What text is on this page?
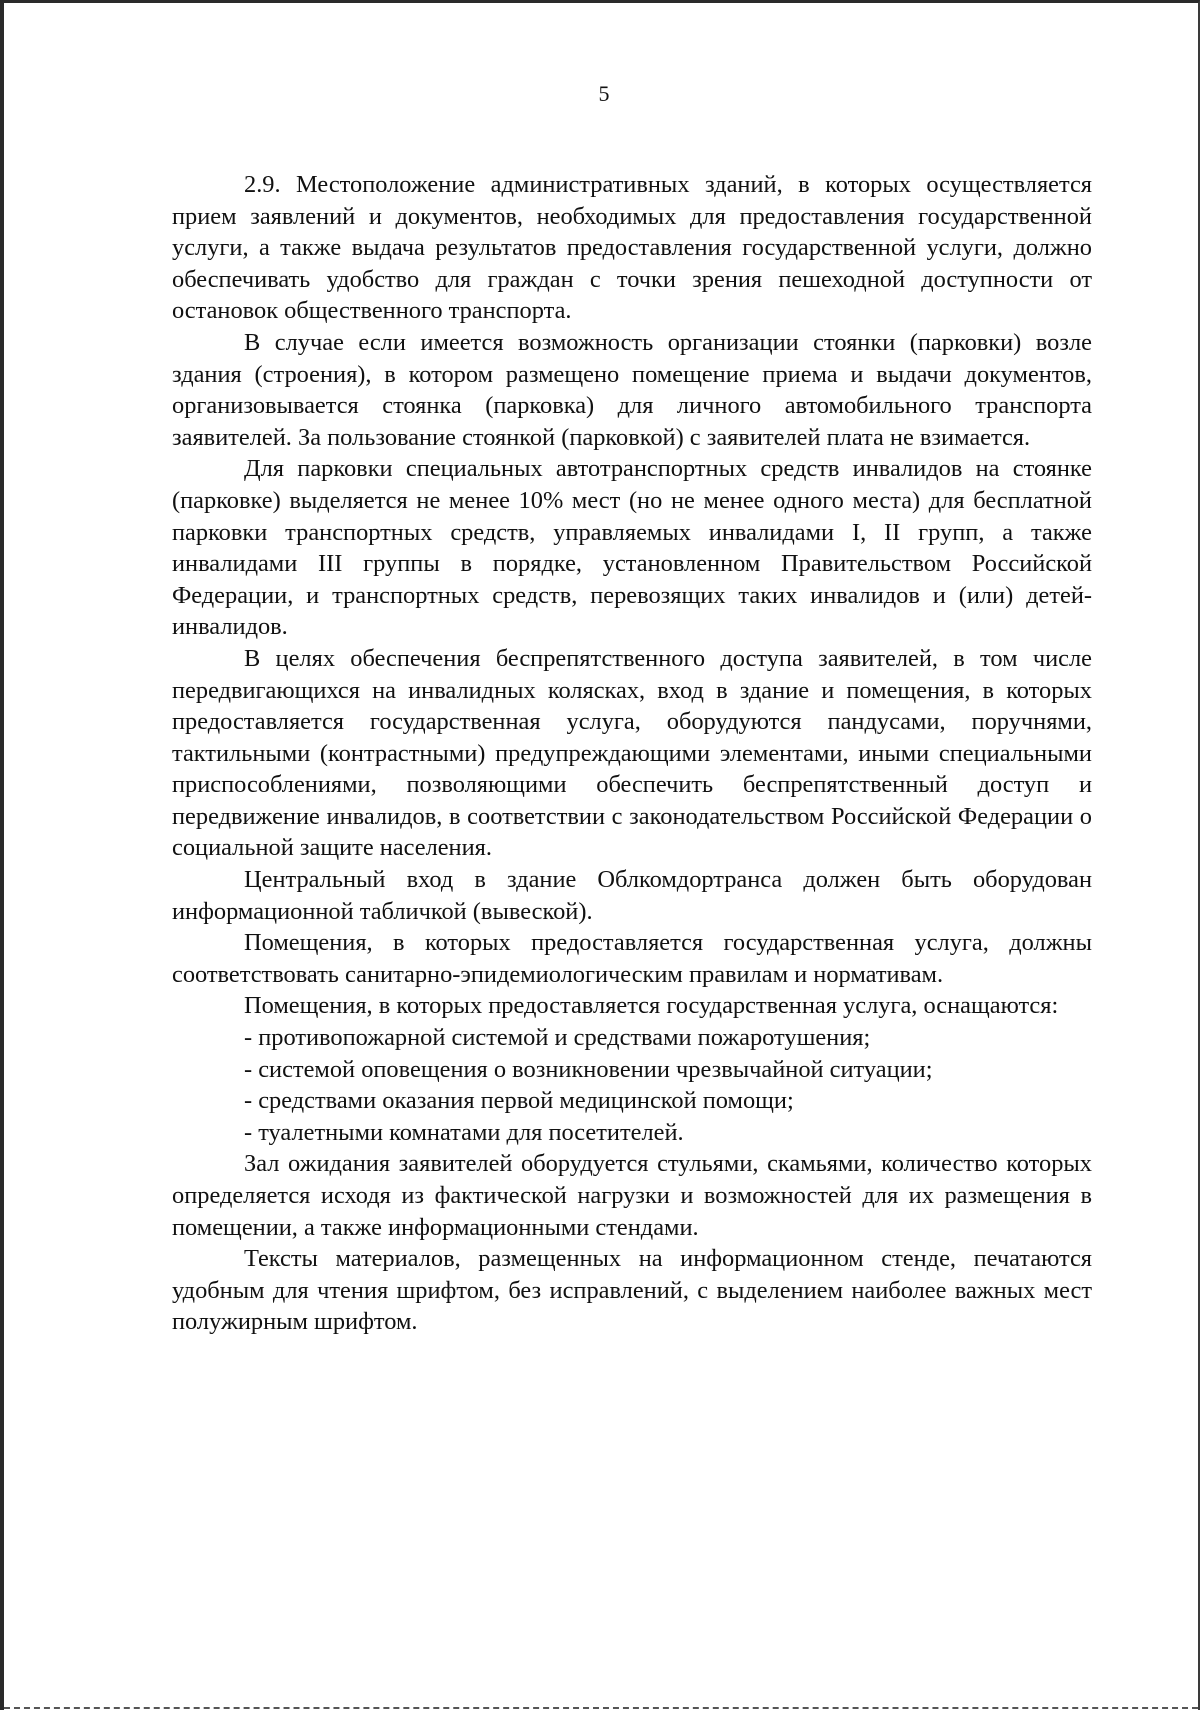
5

2.9. Местоположение административных зданий, в которых осуществляется прием заявлений и документов, необходимых для предоставления государственной услуги, а также выдача результатов предоставления государственной услуги, должно обеспечивать удобство для граждан с точки зрения пешеходной доступности от остановок общественного транспорта.

В случае если имеется возможность организации стоянки (парковки) возле здания (строения), в котором размещено помещение приема и выдачи документов, организовывается стоянка (парковка) для личного автомобильного транспорта заявителей. За пользование стоянкой (парковкой) с заявителей плата не взимается.

Для парковки специальных автотранспортных средств инвалидов на стоянке (парковке) выделяется не менее 10% мест (но не менее одного места) для бесплатной парковки транспортных средств, управляемых инвалидами I, II групп, а также инвалидами III группы в порядке, установленном Правительством Российской Федерации, и транспортных средств, перевозящих таких инвалидов и (или) детей-инвалидов.

В целях обеспечения беспрепятственного доступа заявителей, в том числе передвигающихся на инвалидных колясках, вход в здание и помещения, в которых предоставляется государственная услуга, оборудуются пандусами, поручнями, тактильными (контрастными) предупреждающими элементами, иными специальными приспособлениями, позволяющими обеспечить беспрепятственный доступ и передвижение инвалидов, в соответствии с законодательством Российской Федерации о социальной защите населения.

Центральный вход в здание Облкомдортранса должен быть оборудован информационной табличкой (вывеской).

Помещения, в которых предоставляется государственная услуга, должны соответствовать санитарно-эпидемиологическим правилам и нормативам.

Помещения, в которых предоставляется государственная услуга, оснащаются:

- противопожарной системой и средствами пожаротушения;

- системой оповещения о возникновении чрезвычайной ситуации;

- средствами оказания первой медицинской помощи;

- туалетными комнатами для посетителей.

Зал ожидания заявителей оборудуется стульями, скамьями, количество которых определяется исходя из фактической нагрузки и возможностей для их размещения в помещении, а также информационными стендами.

Тексты материалов, размещенных на информационном стенде, печатаются удобным для чтения шрифтом, без исправлений, с выделением наиболее важных мест полужирным шрифтом.
